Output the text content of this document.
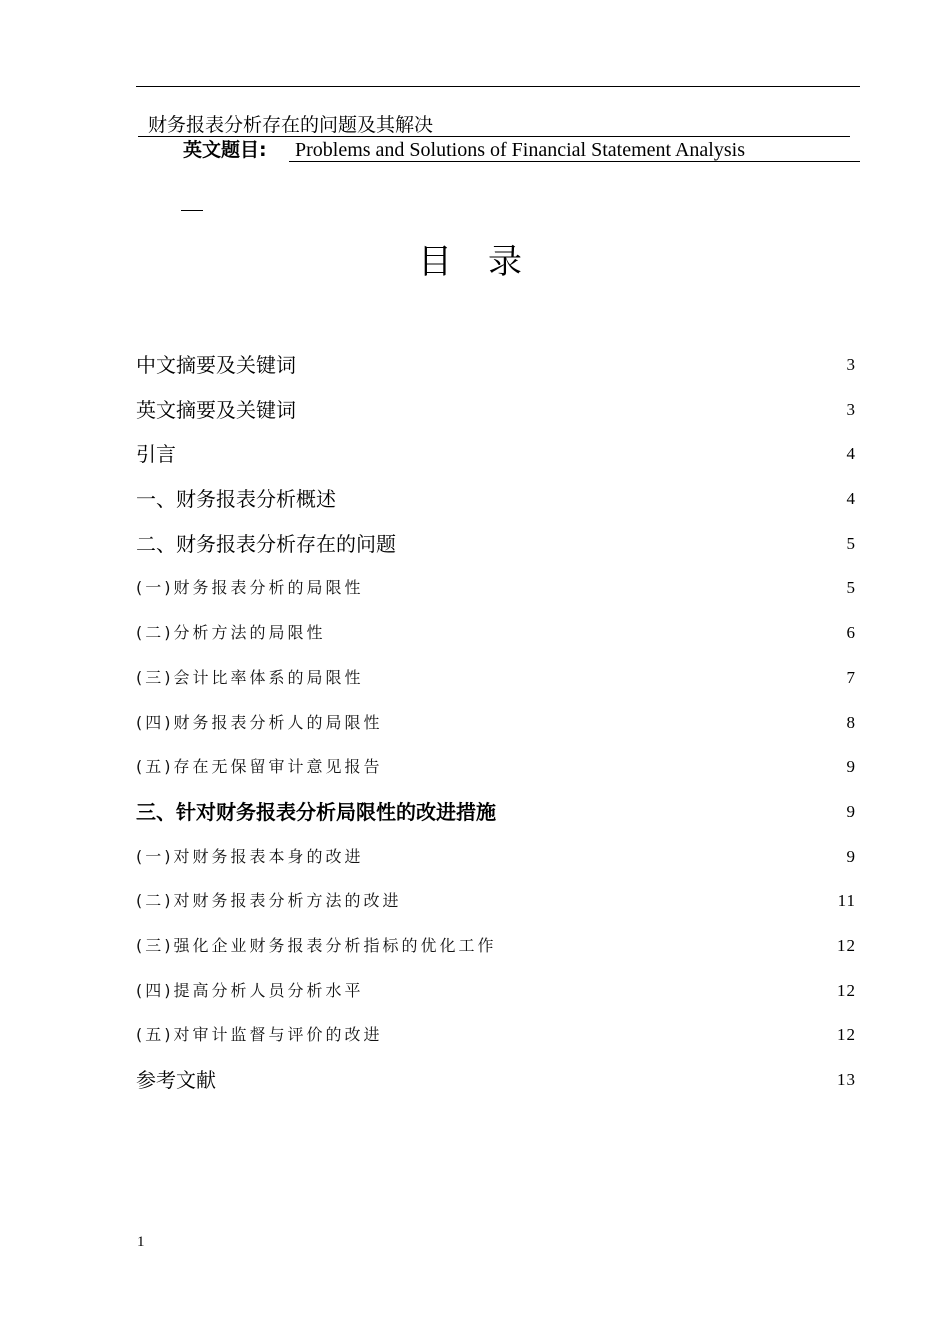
财务报表分析存在的问题及其解决
英文题目:	Problems and Solutions of Financial Statement Analysis
目录
中文摘要及关键词	3
英文摘要及关键词	3
引言	4
一、财务报表分析概述	4
二、财务报表分析存在的问题	5
(一)财务报表分析的局限性	5
(二)分析方法的局限性	6
(三)会计比率体系的局限性	7
(四)财务报表分析人的局限性	8
(五)存在无保留审计意见报告	9
三、针对财务报表分析局限性的改进措施	9
(一)对财务报表本身的改进	9
(二)对财务报表分析方法的改进	11
(三)强化企业财务报表分析指标的优化工作	12
(四)提高分析人员分析水平	12
(五)对审计监督与评价的改进	12
参考文献	13
1
